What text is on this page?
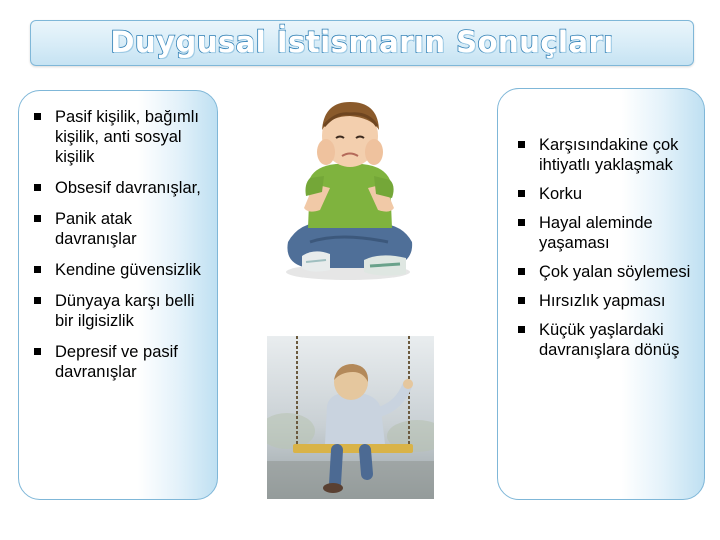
Duygusal İstismarın Sonuçları
Pasif kişilik, bağımlı kişilik, anti sosyal kişilik
Obsesif davranışlar,
Panik atak davranışlar
Kendine güvensizlik
Dünyaya karşı belli bir ilgisizlik
Depresif ve pasif davranışlar
Karşısındakine çok ihtiyatlı yaklaşmak
Korku
Hayal aleminde yaşaması
Çok yalan söylemesi
Hırsızlık yapması
Küçük yaşlardaki davranışlara dönüş
